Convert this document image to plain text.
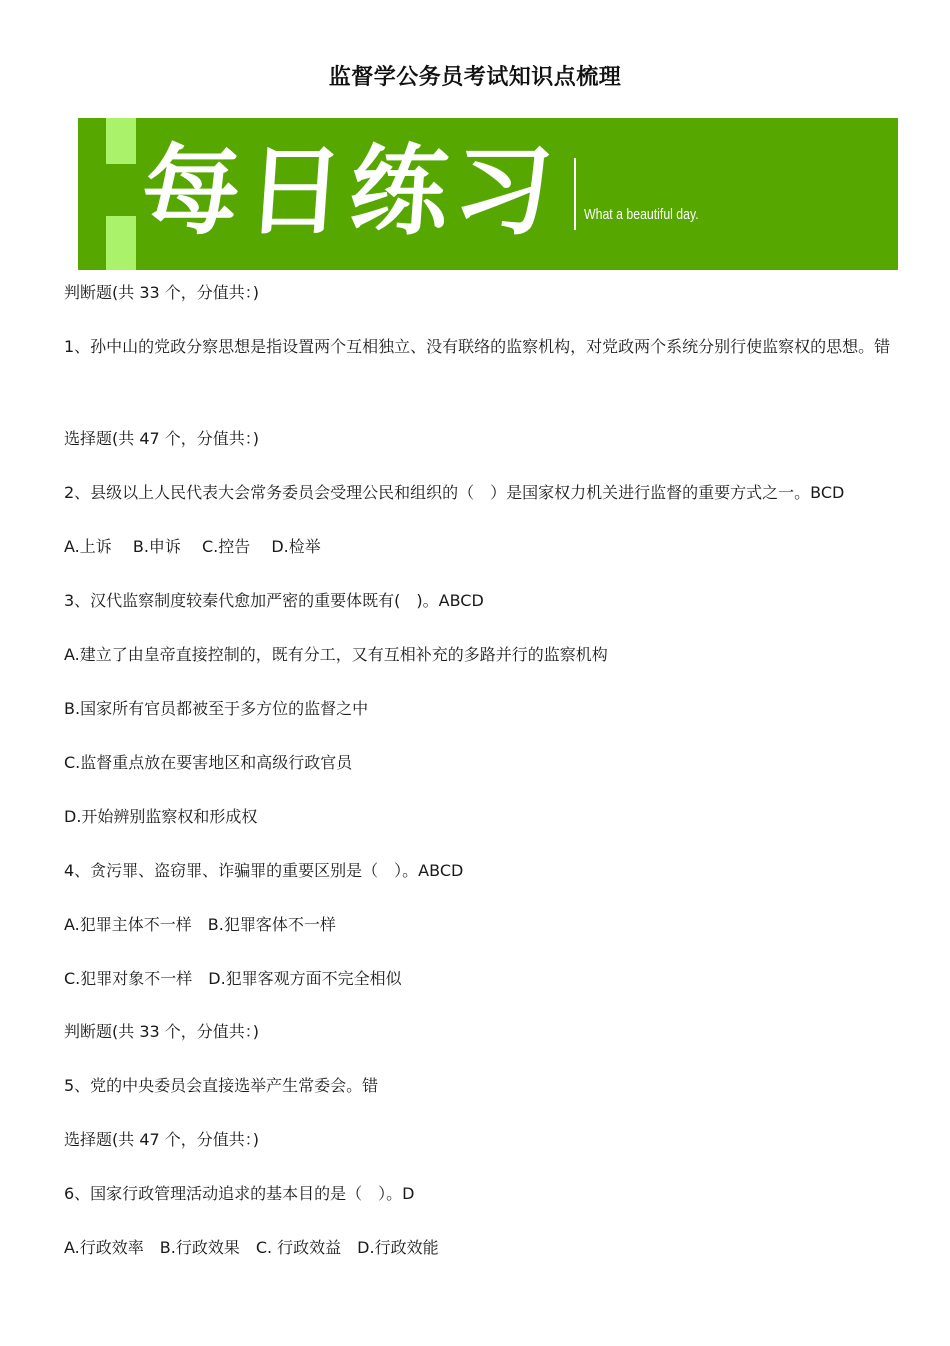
监督学公务员考试知识点梳理
每日练习 What a beautiful day.
判断题(共 33 个，分值共：)
1、孙中山的党政分察思想是指设置两个互相独立、没有联络的监察机构，对党政两个系统分别行使监察权的思想。错
选择题(共 47 个，分值共：)
2、县级以上人民代表大会常务委员会受理公民和组织的（　）是国家权力机关进行监督的重要方式之一。BCD
A.上诉　 B.申诉　 C.控告　 D.检举
3、汉代监察制度较秦代愈加严密的重要体既有(　)。ABCD
A.建立了由皇帝直接控制的，既有分工，又有互相补充的多路并行的监察机构
B.国家所有官员都被至于多方位的监督之中
C.监督重点放在要害地区和高级行政官员
D.开始辨别监察权和形成权
4、贪污罪、盗窃罪、诈骗罪的重要区别是（　）。ABCD
A.犯罪主体不一样　B.犯罪客体不一样
C.犯罪对象不一样　D.犯罪客观方面不完全相似
判断题(共 33 个，分值共：)
5、党的中央委员会直接选举产生常委会。错
选择题(共 47 个，分值共：)
6、国家行政管理活动追求的基本目的是（　）。D
A.行政效率　B.行政效果　C. 行政效益　D.行政效能
